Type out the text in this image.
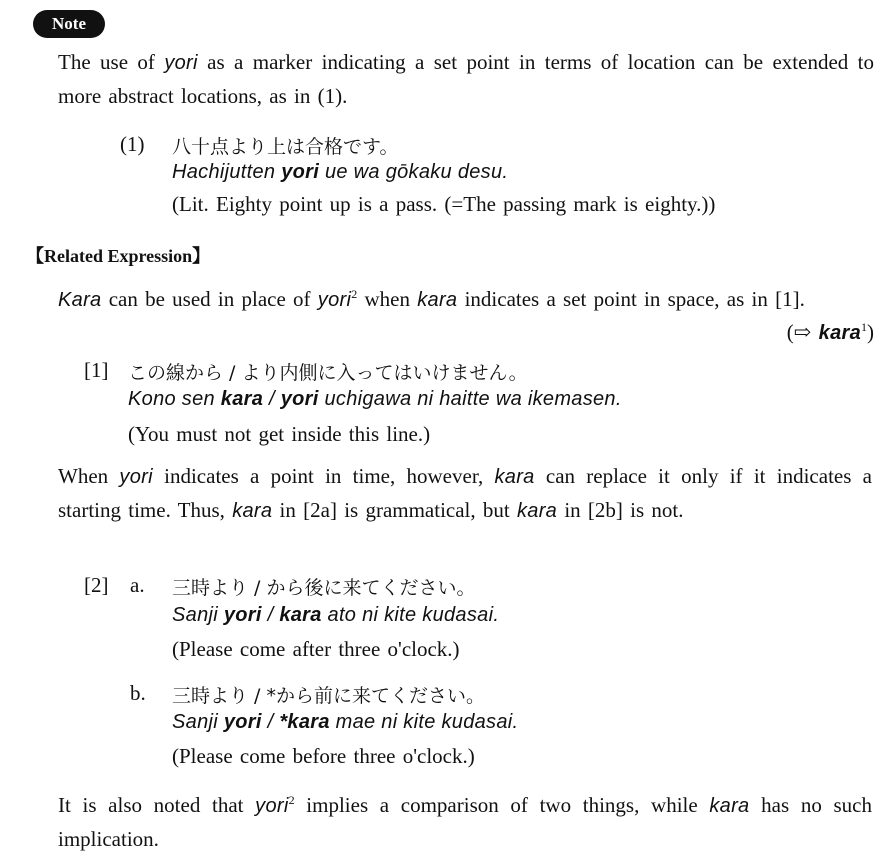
Note
The use of yori as a marker indicating a set point in terms of location can be extended to more abstract locations, as in (1).
(1) 八十点より上は合格です。
Hachijutten yori ue wa gōkaku desu.
(Lit. Eighty point up is a pass. (=The passing mark is eighty.))
【Related Expression】
Kara can be used in place of yori$^2$ when kara indicates a set point in space, as in [1].
(⇨ kara$^1$)
[1] この線から / より内側に入ってはいけません。
Kono sen kara / yori uchigawa ni haitte wa ikemasen.
(You must not get inside this line.)
When yori indicates a point in time, however, kara can replace it only if it indicates a starting time. Thus, kara in [2a] is grammatical, but kara in [2b] is not.
[2] a. 三時より / から後に来てください。
Sanji yori / kara ato ni kite kudasai.
(Please come after three o'clock.)
b. 三時より / *から前に来てください。
Sanji yori / *kara mae ni kite kudasai.
(Please come before three o'clock.)
It is also noted that yori$^2$ implies a comparison of two things, while kara has no such implication.
